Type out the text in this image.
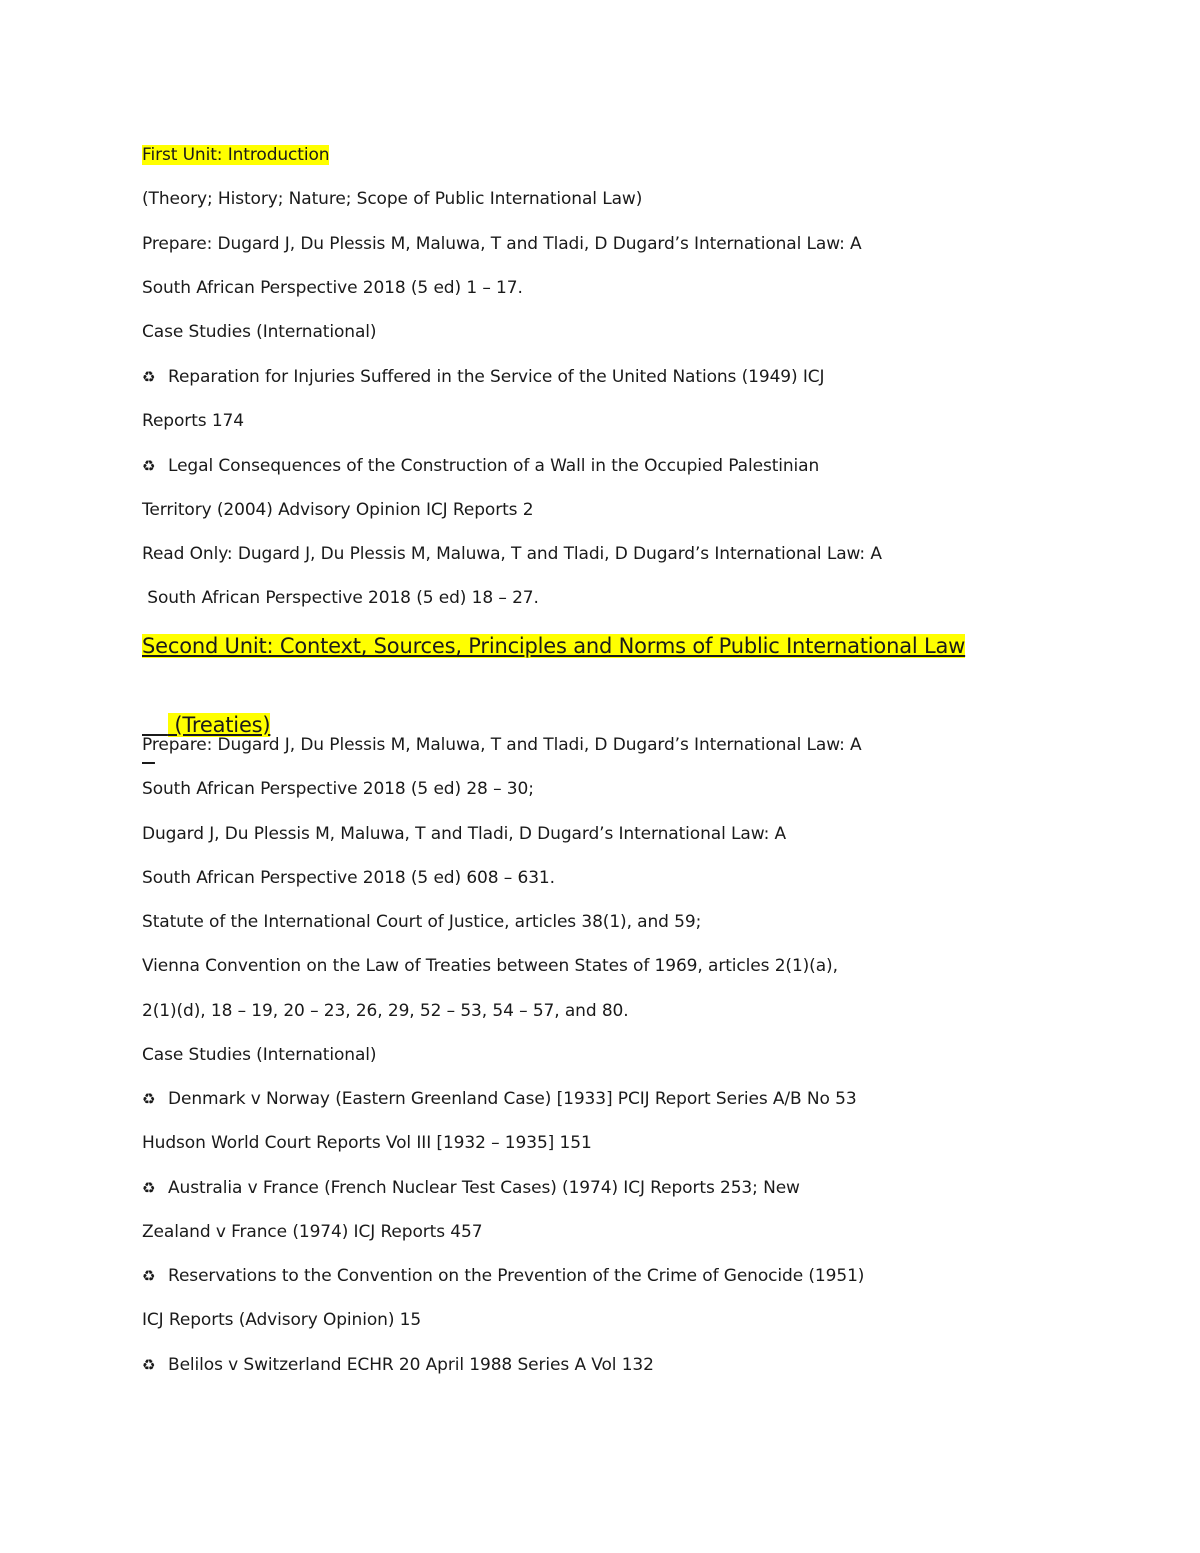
First Unit: Introduction
(Theory; History; Nature; Scope of Public International Law)
Prepare: Dugard J, Du Plessis M, Maluwa, T and Tladi, D Dugard’s International Law: A
South African Perspective 2018 (5 ed) 1 – 17.
Case Studies (International)
♻ Reparation for Injuries Suffered in the Service of the United Nations (1949) ICJ
Reports 174
♻ Legal Consequences of the Construction of a Wall in the Occupied Palestinian
Territory (2004) Advisory Opinion ICJ Reports 2
Read Only: Dugard J, Du Plessis M, Maluwa, T and Tladi, D Dugard’s International Law: A
South African Perspective 2018 (5 ed) 18 – 27.
Second Unit: Context, Sources, Principles and Norms of Public International Law

(Treaties)

Prepare: Dugard J, Du Plessis M, Maluwa, T and Tladi, D Dugard’s International Law: A
South African Perspective 2018 (5 ed) 28 – 30;
Dugard J, Du Plessis M, Maluwa, T and Tladi, D Dugard’s International Law: A
South African Perspective 2018 (5 ed) 608 – 631.
Statute of the International Court of Justice, articles 38(1), and 59;
Vienna Convention on the Law of Treaties between States of 1969, articles 2(1)(a),
2(1)(d), 18 – 19, 20 – 23, 26, 29, 52 – 53, 54 – 57, and 80.
Case Studies (International)
♻ Denmark v Norway (Eastern Greenland Case) [1933] PCIJ Report Series A/B No 53
Hudson World Court Reports Vol III [1932 – 1935] 151
♻ Australia v France (French Nuclear Test Cases) (1974) ICJ Reports 253; New
Zealand v France (1974) ICJ Reports 457
♻ Reservations to the Convention on the Prevention of the Crime of Genocide (1951)
ICJ Reports (Advisory Opinion) 15
♻ Belilos v Switzerland ECHR 20 April 1988 Series A Vol 132
